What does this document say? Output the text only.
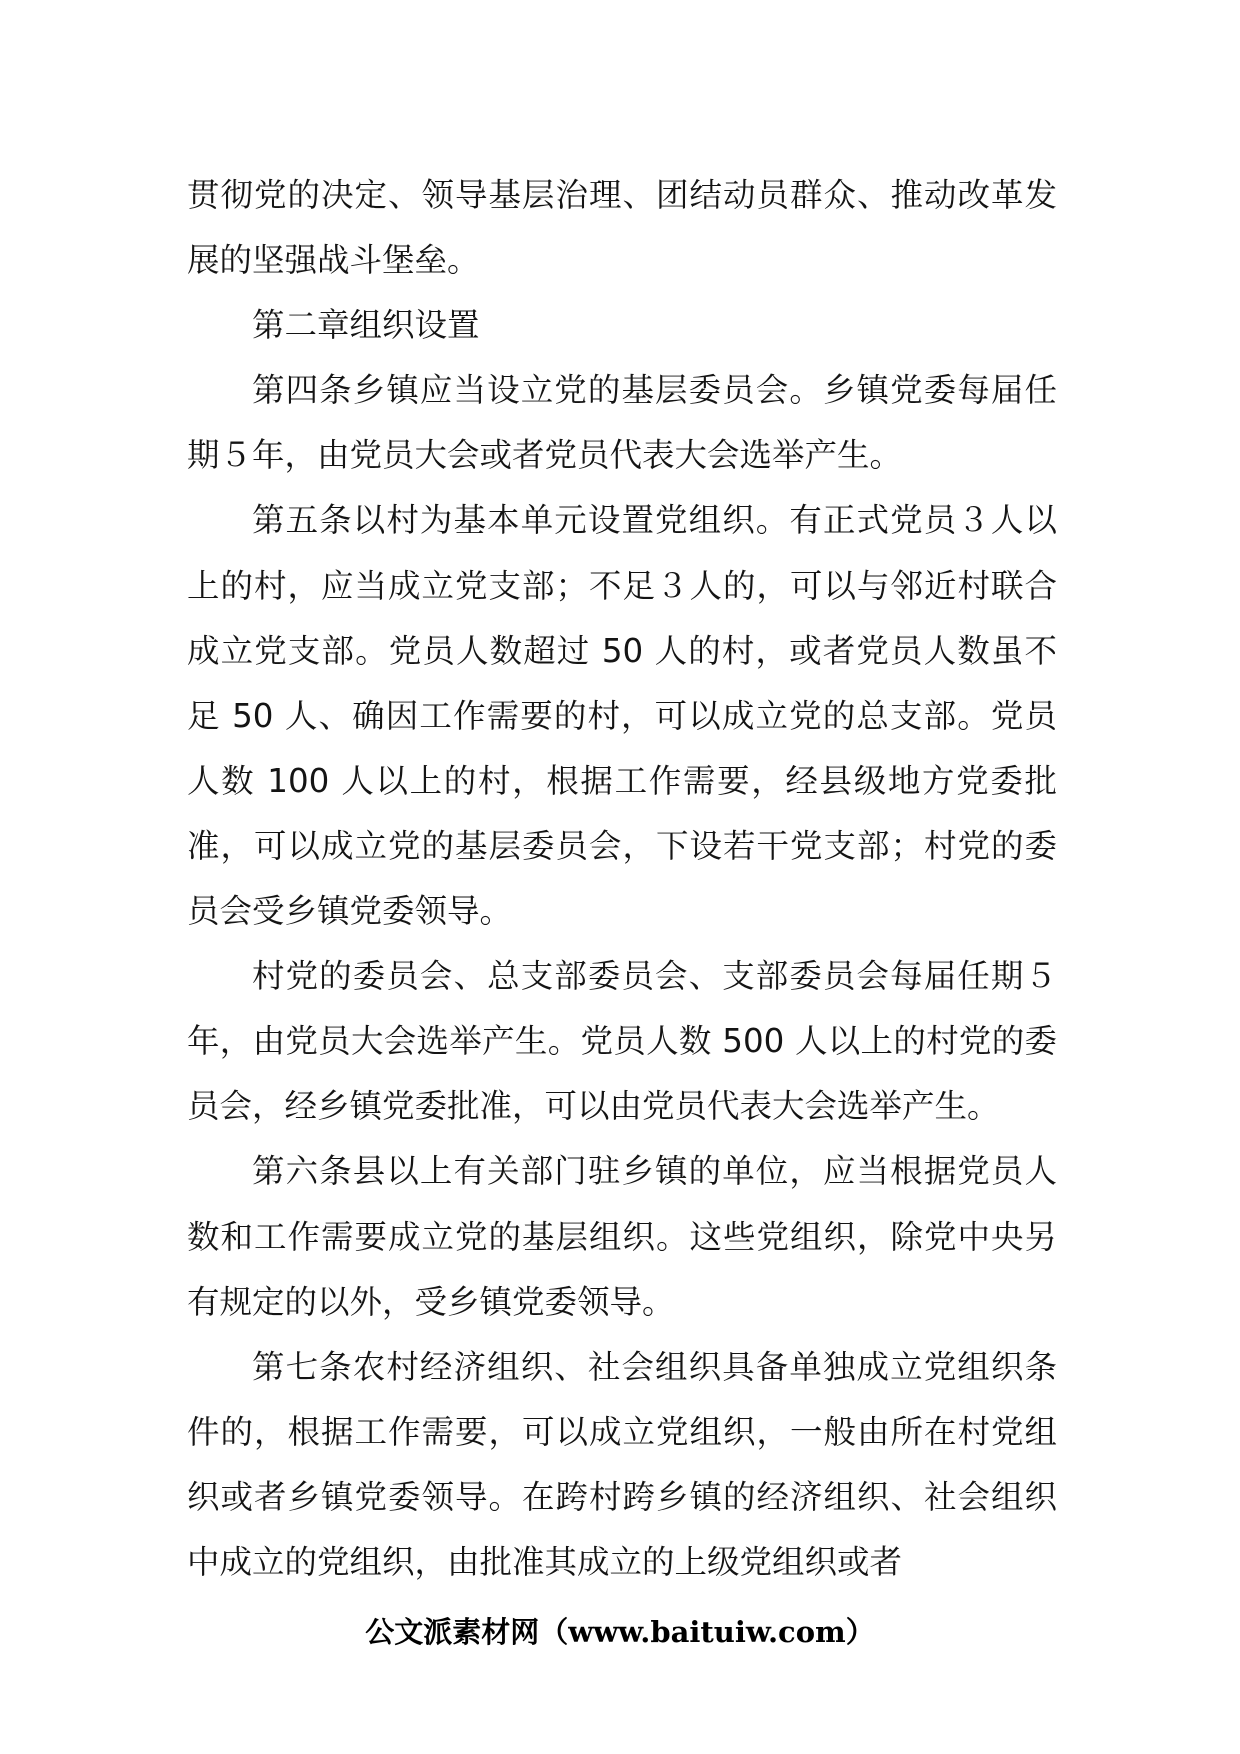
贯彻党的决定、领导基层治理、团结动员群众、推动改革发展的坚强战斗堡垒。

第二章组织设置

第四条乡镇应当设立党的基层委员会。乡镇党委每届任期５年，由党员大会或者党员代表大会选举产生。

第五条以村为基本单元设置党组织。有正式党员３人以上的村，应当成立党支部；不足３人的，可以与邻近村联合成立党支部。党员人数超过 50 人的村，或者党员人数虽不足 50 人、确因工作需要的村，可以成立党的总支部。党员人数 100 人以上的村，根据工作需要，经县级地方党委批准，可以成立党的基层委员会，下设若干党支部；村党的委员会受乡镇党委领导。

村党的委员会、总支部委员会、支部委员会每届任期５年，由党员大会选举产生。党员人数 500 人以上的村党的委员会，经乡镇党委批准，可以由党员代表大会选举产生。

第六条县以上有关部门驻乡镇的单位，应当根据党员人数和工作需要成立党的基层组织。这些党组织，除党中央另有规定的以外，受乡镇党委领导。

第七条农村经济组织、社会组织具备单独成立党组织条件的，根据工作需要，可以成立党组织，一般由所在村党组织或者乡镇党委领导。在跨村跨乡镇的经济组织、社会组织中成立的党组织，由批准其成立的上级党组织或者

公文派素材网（www.baituiw.com）
